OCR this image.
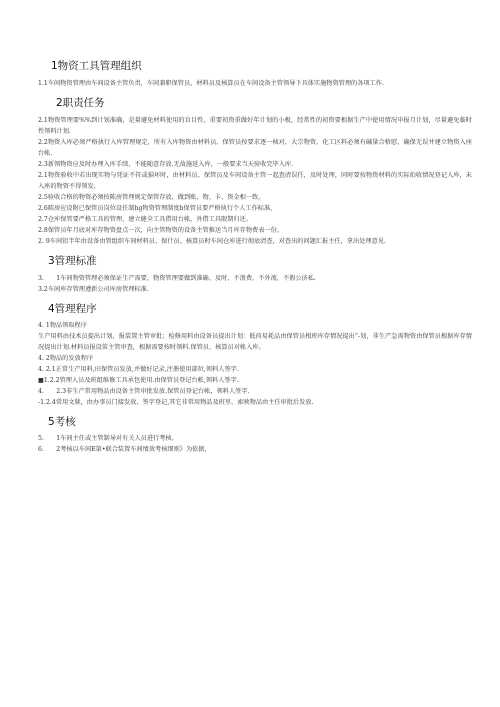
1物资工具管理组织

1.1车间物资管理由车间设备主管负责，车间兼职保管员、材料员及核算员在车间设备主管领导下具体实施物资管理的各项工作.

2职责任务

2.1物资管理要%%到计划准确，是量避免材料使用的盲目性，重要初资重做好年计划的小极，经常性的初资要根据生产中使用情况申报月计划，尽量避免临时性领料计划.

2.2物资入库必须严格执行入库管理规定，所有入库物资由材料员、保管员按要求逐一核对，大宗物资、化工区料必须有碱量合格慰，确保无误并建立物资入座台帐.

2.3新领物资应及时办理入库手续，不能随意存放.无故施延入库，一般要求当天验收完毕入库.

2.1物资验收中若出现实物与凭证不符或損坏时，由材料员、保管员及车间设备主管一起查清误任，及时处理，同时要按物资材料的实际拍收情况登记入库，未入座的物资不得领发，

2.5验收合格的物资必须按陈房管理规定保管存放，做到账、物、卡、资金相一致。

2.6陈房应设附已保管员岗位设任制hg物资管理制度h保管员要严格执行个人工作标准，

2.7仓库保管要严格工具的管理，建立健全工具借用台帐，外借工具限期归还。

2.8保管员年月底对库存物资盘点一次，向主管物资的设备主管推送当月库存物费表一份。

2. 9车间铝半年由设备由管组织车间材料员、保什员、核算员时车间仓库进行彻底清查，对查出的问题汇报主任，拿出处理意见.

3管理标准

3.　　1车间物资管理必须保证生产需要，物资管理要做到准确、及时、不浪费、不外流、不假公济私.

3.2车间库存管理遵新公司库房管理标准.

4管理程序

4. 1物品领取程序

生产用料由技术员提出计划，报装置主管审批；检修用料由设备员提出计划：低荷易耗品由保管员根班库存情况提出“-划，非生产急需物资由保管员根据库存情况提出计划.材料员报设笛主管审查，根据需要按时领料.保管员、核算员对帐入库。

4. 2物品的发放程序

4. 2.1正常生产用料,田保管员发放,并做好记录,注册使用部位,领料人签字.

■1.2.2管理人员及班组维修工具承包使用.由保管员登记台帐,领料人签字.

4.　　2.3非生产常用物品由设备主管审批发放.保管员登记台帐，领料人签字.

-1.2.4常用文牍，由办事员门接发放，签字登记,其它非常用物品及班里、索映物品由主任审批后发放.

5考核

5.　　1车间主任或主管制导对有关人员进行考核。

6.　　2考核以车间E第•联合装置车间绩效考核细则》为依据，
